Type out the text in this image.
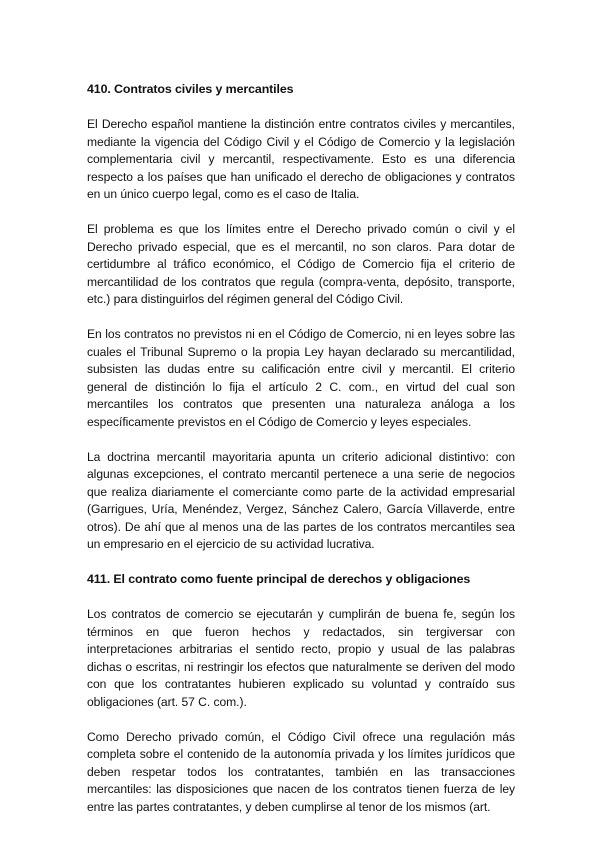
410. Contratos civiles y mercantiles

El Derecho español mantiene la distinción entre contratos civiles y mercantiles, mediante la vigencia del Código Civil y el Código de Comercio y la legislación complementaria civil y mercantil, respectivamente. Esto es una diferencia respecto a los países que han unificado el derecho de obligaciones y contratos en un único cuerpo legal, como es el caso de Italia.

El problema es que los límites entre el Derecho privado común o civil y el Derecho privado especial, que es el mercantil, no son claros. Para dotar de certidumbre al tráfico económico, el Código de Comercio fija el criterio de mercantilidad de los contratos que regula (compra-venta, depósito, transporte, etc.) para distinguirlos del régimen general del Código Civil.

En los contratos no previstos ni en el Código de Comercio, ni en leyes sobre las cuales el Tribunal Supremo o la propia Ley hayan declarado su mercantilidad, subsisten las dudas entre su calificación entre civil y mercantil. El criterio general de distinción lo fija el artículo 2 C. com., en virtud del cual son mercantiles los contratos que presenten una naturaleza análoga a los específicamente previstos en el Código de Comercio y leyes especiales.

La doctrina mercantil mayoritaria apunta un criterio adicional distintivo: con algunas excepciones, el contrato mercantil pertenece a una serie de negocios que realiza diariamente el comerciante como parte de la actividad empresarial (Garrigues, Uría, Menéndez, Vergez, Sánchez Calero, García Villaverde, entre otros). De ahí que al menos una de las partes de los contratos mercantiles sea un empresario en el ejercicio de su actividad lucrativa.

411. El contrato como fuente principal de derechos y obligaciones

Los contratos de comercio se ejecutarán y cumplirán de buena fe, según los términos en que fueron hechos y redactados, sin tergiversar con interpretaciones arbitrarias el sentido recto, propio y usual de las palabras dichas o escritas, ni restringir los efectos que naturalmente se deriven del modo con que los contratantes hubieren explicado su voluntad y contraído sus obligaciones (art. 57 C. com.).

Como Derecho privado común, el Código Civil ofrece una regulación más completa sobre el contenido de la autonomía privada y los límites jurídicos que deben respetar todos los contratantes, también en las transacciones mercantiles: las disposiciones que nacen de los contratos tienen fuerza de ley entre las partes contratantes, y deben cumplirse al tenor de los mismos (art.
